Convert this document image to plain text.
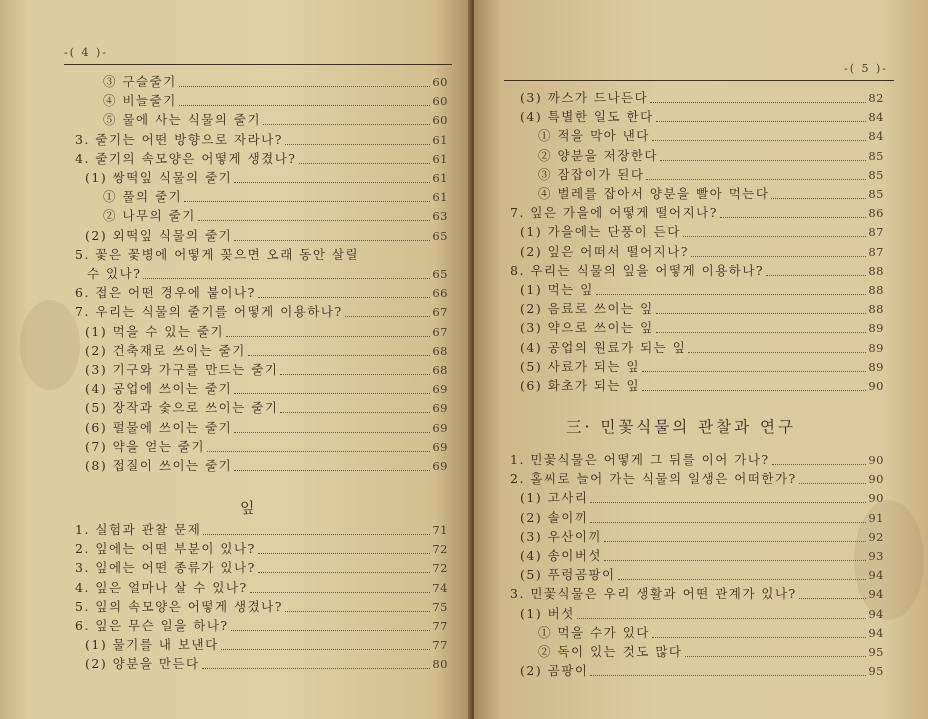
-( 4 )-
③ 구슬줄기	60
④ 비늘줄기	60
⑤ 물에 사는 식물의 줄기	60
3. 줄기는 어떤 방향으로 자라나?	61
4. 줄기의 속모양은 어떻게 생겼나?	61
(1) 쌍떡잎 식물의 줄기	61
① 풀의 줄기	61
② 나무의 줄기	63
(2) 외떡잎 식물의 줄기	65
5. 꽃은 꽃병에 어떻게 꽂으면 오래 동안 살릴
수 있나?	65
6. 접은 어떤 경우에 붙이나?	66
7. 우리는 식물의 줄기를 어떻게 이용하나?	67
(1) 먹을 수 있는 줄기	67
(2) 건축재로 쓰이는 줄기	68
(3) 기구와 가구를 만드는 줄기	68
(4) 공업에 쓰이는 줄기	69
(5) 장작과 숯으로 쓰이는 줄기	69
(6) 펄물에 쓰이는 줄기	69
(7) 약을 얻는 줄기	69
(8) 접질이 쓰이는 줄기	69
잎
1. 실험과 관찰 문제	71
2. 잎에는 어떤 부분이 있나?	72
3. 잎에는 어떤 종류가 있나?	72
4. 잎은 얼마나 살 수 있나?	74
5. 잎의 속모양은 어떻게 생겼나?	75
6. 잎은 무슨 일을 하나?	77
(1) 물기를 내 보낸다	77
(2) 양분을 만든다	80
-( 5 )-
(3) 까스가 드나든다	82
(4) 특별한 일도 한다	84
① 적을 막아 낸다	84
② 양분을 저장한다	85
③ 잠잡이가 된다	85
④ 벌레를 잡아서 양분을 빨아 먹는다	85
7. 잎은 가을에 어떻게 떨어지나?	86
(1) 가을에는 단풍이 든다	87
(2) 잎은 어떠서 떨어지나?	87
8. 우리는 식물의 잎을 어떻게 이용하나?	88
(1) 먹는 잎	88
(2) 음료로 쓰이는 잎	88
(3) 약으로 쓰이는 잎	89
(4) 공업의 원료가 되는 잎	89
(5) 사료가 되는 잎	89
(6) 화초가 되는 잎	90
三· 민꽃식물의 관찰과 연구
1. 민꽃식물은 어떻게 그 뒤를 이어 가나?	90
2. 홀씨로 늘어 가는 식물의 일생은 어떠한가?	90
(1) 고사리	90
(2) 솔이끼	91
(3) 우산이끼	92
(4) 송이버섯	93
(5) 푸렁곰팡이	94
3. 민꽃식물은 우리 생활과 어떤 관계가 있나?	94
(1) 버섯	94
① 먹을 수가 있다	94
② 독이 있는 것도 많다	95
(2) 곰팡이	95
